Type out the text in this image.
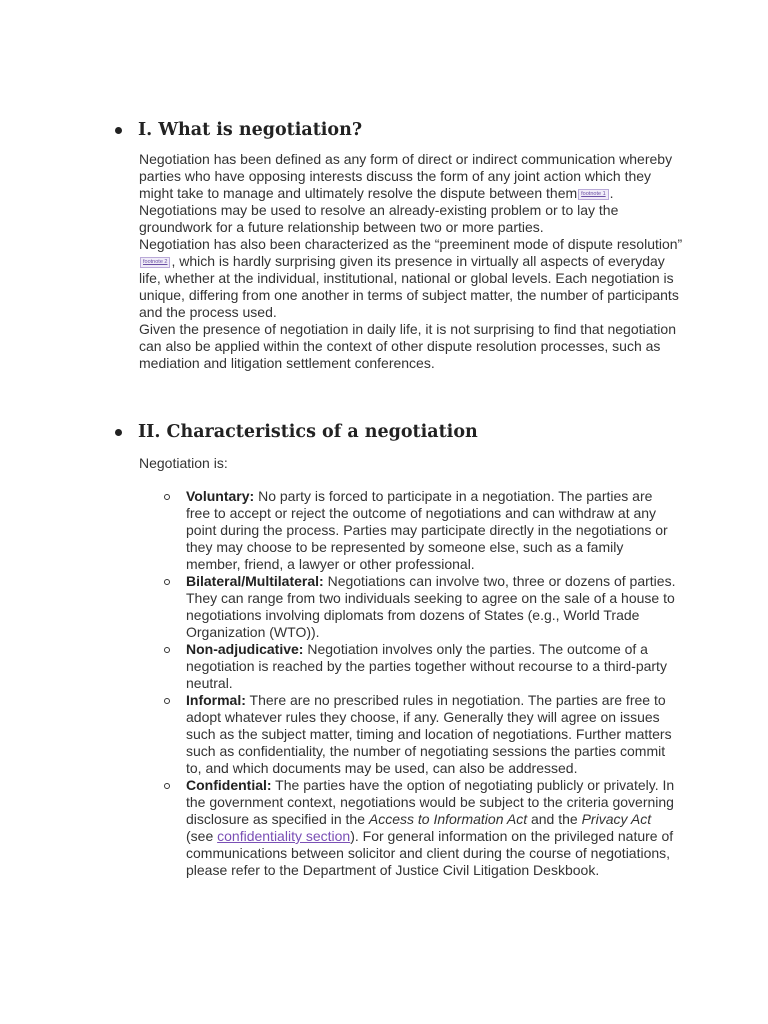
I. What is negotiation?

Negotiation has been defined as any form of direct or indirect communication whereby parties who have opposing interests discuss the form of any joint action which they might take to manage and ultimately resolve the dispute between them footnote 1 . Negotiations may be used to resolve an already-existing problem or to lay the groundwork for a future relationship between two or more parties.

Negotiation has also been characterized as the “preeminent mode of dispute resolution”footnote 2 , which is hardly surprising given its presence in virtually all aspects of everyday life, whether at the individual, institutional, national or global levels. Each negotiation is unique, differing from one another in terms of subject matter, the number of participants and the process used.

Given the presence of negotiation in daily life, it is not surprising to find that negotiation can also be applied within the context of other dispute resolution processes, such as mediation and litigation settlement conferences.

II. Characteristics of a negotiation

Negotiation is:

Voluntary: No party is forced to participate in a negotiation. The parties are free to accept or reject the outcome of negotiations and can withdraw at any point during the process. Parties may participate directly in the negotiations or they may choose to be represented by someone else, such as a family member, friend, a lawyer or other professional.
Bilateral/Multilateral: Negotiations can involve two, three or dozens of parties. They can range from two individuals seeking to agree on the sale of a house to negotiations involving diplomats from dozens of States (e.g., World Trade Organization (WTO)).
Non-adjudicative: Negotiation involves only the parties. The outcome of a negotiation is reached by the parties together without recourse to a third-party neutral.
Informal: There are no prescribed rules in negotiation. The parties are free to adopt whatever rules they choose, if any. Generally they will agree on issues such as the subject matter, timing and location of negotiations. Further matters such as confidentiality, the number of negotiating sessions the parties commit to, and which documents may be used, can also be addressed.
Confidential: The parties have the option of negotiating publicly or privately. In the government context, negotiations would be subject to the criteria governing disclosure as specified in the Access to Information Act and the Privacy Act (see confidentiality section). For general information on the privileged nature of communications between solicitor and client during the course of negotiations, please refer to the Department of Justice Civil Litigation Deskbook.
